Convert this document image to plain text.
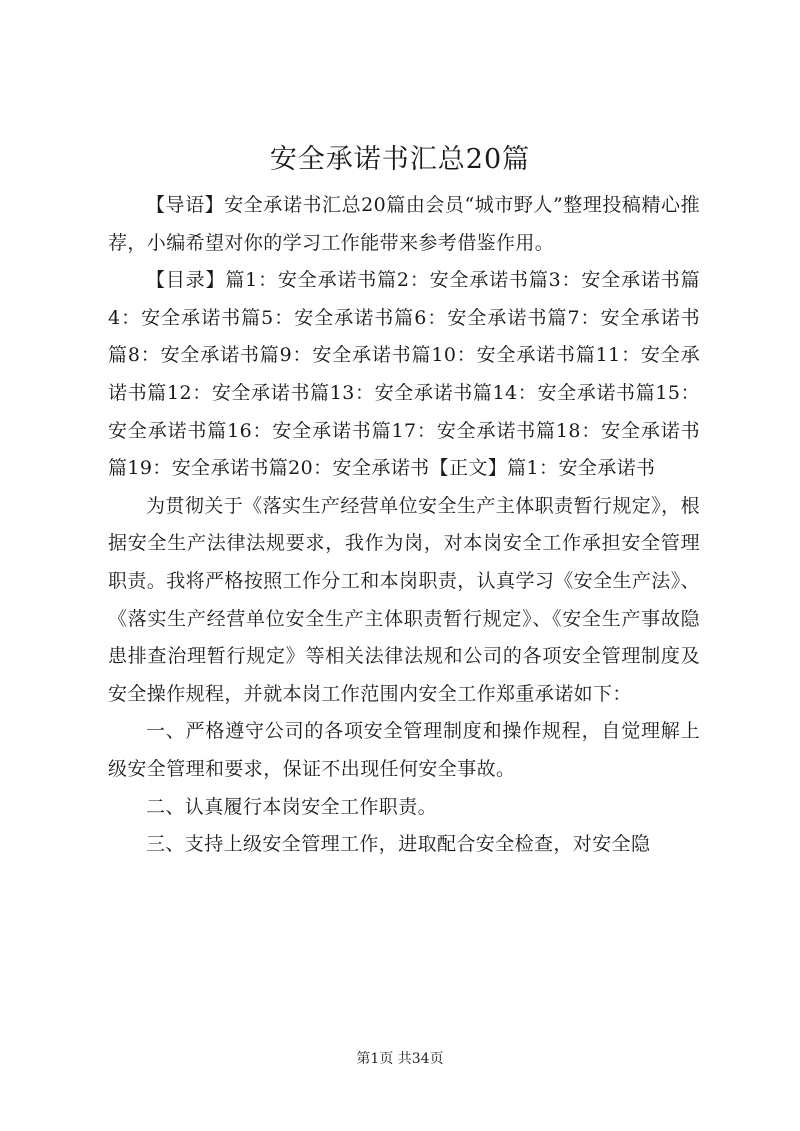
安全承诺书汇总20篇

【导语】安全承诺书汇总20篇由会员“城市野人”整理投稿精心推荐，小编希望对你的学习工作能带来参考借鉴作用。

【目录】篇1：安全承诺书篇2：安全承诺书篇3：安全承诺书篇4：安全承诺书篇5：安全承诺书篇6：安全承诺书篇7：安全承诺书篇8：安全承诺书篇9：安全承诺书篇10：安全承诺书篇11：安全承诺书篇12：安全承诺书篇13：安全承诺书篇14：安全承诺书篇15：安全承诺书篇16：安全承诺书篇17：安全承诺书篇18：安全承诺书篇19：安全承诺书篇20：安全承诺书【正文】篇1：安全承诺书

为贯彻关于《落实生产经营单位安全生产主体职责暂行规定》，根据安全生产法律法规要求，我作为岗，对本岗安全工作承担安全管理职责。我将严格按照工作分工和本岗职责，认真学习《安全生产法》、《落实生产经营单位安全生产主体职责暂行规定》、《安全生产事故隐患排查治理暂行规定》等相关法律法规和公司的各项安全管理制度及安全操作规程，并就本岗工作范围内安全工作郑重承诺如下：

一、严格遵守公司的各项安全管理制度和操作规程，自觉理解上级安全管理和要求，保证不出现任何安全事故。

二、认真履行本岗安全工作职责。

三、支持上级安全管理工作，进取配合安全检查，对安全隐

第1页 共34页
